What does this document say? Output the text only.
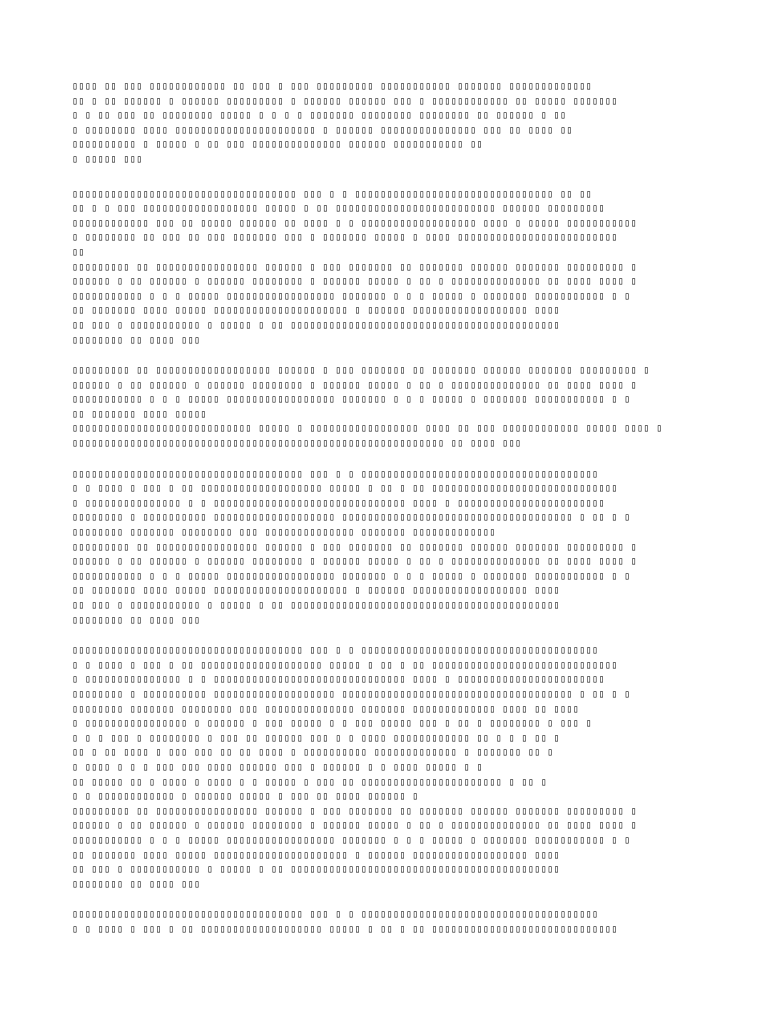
▯▯▯▯ ▯▯ ▯▯▯ ▯▯▯▯▯▯▯▯▯▯▯▯ ▯▯ ▯▯▯ ▯ ▯▯▯ ▯▯▯▯▯▯▯▯▯ ▯▯▯▯▯▯▯▯▯▯▯ ▯▯▯▯▯▯▯ ▯▯▯▯▯▯▯▯▯▯▯▯▯
▯▯ ▯ ▯▯ ▯▯▯▯▯▯ ▯ ▯▯▯▯▯▯ ▯▯▯▯▯▯▯▯▯ ▯ ▯▯▯▯▯▯ ▯▯▯▯▯▯ ▯▯▯ ▯ ▯▯▯▯▯▯▯▯▯▯▯▯ ▯▯ ▯▯▯▯▯ ▯▯▯▯▯▯▯
▯ ▯ ▯▯ ▯▯▯ ▯▯ ▯▯▯▯▯▯▯▯ ▯▯▯▯▯ ▯ ▯ ▯ ▯ ▯▯▯▯▯▯▯ ▯▯▯▯▯▯▯▯ ▯▯▯▯▯▯▯▯ ▯▯ ▯▯▯▯▯▯ ▯ ▯▯
▯ ▯▯▯▯▯▯▯▯ ▯▯▯▯ ▯▯▯▯▯▯▯▯▯▯▯▯▯▯▯▯▯▯▯▯▯▯ ▯ ▯▯▯▯▯▯ ▯▯▯▯▯▯▯▯▯▯▯▯▯▯▯ ▯▯▯ ▯▯ ▯▯▯▯ ▯▯
▯▯▯▯▯▯▯▯▯▯ ▯ ▯▯▯▯▯ ▯ ▯▯ ▯▯▯ ▯▯▯▯▯▯▯▯▯▯▯▯▯▯ ▯▯▯▯▯▯ ▯▯▯▯▯▯▯▯▯▯▯ ▯▯
▯ ▯▯▯▯▯ ▯▯▯
▯▯▯▯▯▯▯▯▯▯▯▯▯▯▯▯▯▯▯▯▯▯▯▯▯▯▯▯▯▯▯▯▯▯▯ ▯▯▯ ▯ ▯ ▯▯▯▯▯▯▯▯▯▯▯▯▯▯▯▯▯▯▯▯▯▯▯▯▯▯▯▯▯▯▯ ▯▯ ▯▯
▯▯ ▯ ▯ ▯▯▯ ▯▯▯▯▯▯▯▯▯▯▯▯▯▯▯▯▯▯ ▯▯▯▯▯ ▯ ▯▯ ▯▯▯▯▯▯▯▯▯▯▯▯▯▯▯▯▯▯▯▯▯▯▯▯▯ ▯▯▯▯▯▯ ▯▯▯▯▯▯▯▯▯
▯▯▯▯▯▯▯▯▯▯▯▯ ▯▯▯ ▯▯ ▯▯▯▯▯ ▯▯▯▯▯▯ ▯▯ ▯▯▯▯ ▯ ▯ ▯▯▯▯▯▯▯▯▯▯▯▯▯▯▯▯▯▯ ▯▯▯▯ ▯ ▯▯▯▯▯ ▯▯▯▯▯▯▯▯▯▯▯
▯ ▯▯▯▯▯▯▯▯ ▯▯ ▯▯▯ ▯▯ ▯▯▯ ▯▯▯▯▯▯▯ ▯▯▯ ▯ ▯▯▯▯▯▯▯ ▯▯▯▯▯ ▯ ▯▯▯▯ ▯▯▯▯▯▯▯▯▯▯▯▯▯▯▯▯▯▯▯▯▯▯▯▯▯
▯▯
▯▯▯▯▯▯▯▯▯ ▯▯ ▯▯▯▯▯▯▯▯▯▯▯▯▯▯▯▯ ▯▯▯▯▯▯ ▯ ▯▯▯ ▯▯▯▯▯▯▯ ▯▯ ▯▯▯▯▯▯▯ ▯▯▯▯▯▯ ▯▯▯▯▯▯▯ ▯▯▯▯▯▯▯▯▯ ▯
▯▯▯▯▯▯ ▯ ▯▯ ▯▯▯▯▯▯ ▯ ▯▯▯▯▯▯ ▯▯▯▯▯▯▯▯ ▯ ▯▯▯▯▯▯ ▯▯▯▯▯ ▯ ▯▯ ▯ ▯▯▯▯▯▯▯▯▯▯▯▯▯▯ ▯▯ ▯▯▯▯ ▯▯▯▯ ▯
▯▯▯▯▯▯▯▯▯▯▯ ▯ ▯ ▯ ▯▯▯▯▯ ▯▯▯▯▯▯▯▯▯▯▯▯▯▯▯▯▯ ▯▯▯▯▯▯▯ ▯ ▯ ▯ ▯▯▯▯▯ ▯ ▯▯▯▯▯▯▯ ▯▯▯▯▯▯▯▯▯▯▯ ▯ ▯
▯▯ ▯▯▯▯▯▯▯ ▯▯▯▯ ▯▯▯▯▯ ▯▯▯▯▯▯▯▯▯▯▯▯▯▯▯▯▯▯▯▯▯ ▯ ▯▯▯▯▯▯ ▯▯▯▯▯▯▯▯▯▯▯▯▯▯▯▯▯▯ ▯▯▯▯
▯▯ ▯▯▯ ▯ ▯▯▯▯▯▯▯▯▯▯▯ ▯ ▯▯▯▯▯ ▯ ▯▯ ▯▯▯▯▯▯▯▯▯▯▯▯▯▯▯▯▯▯▯▯▯▯▯▯▯▯▯▯▯▯▯▯▯▯▯▯▯▯▯▯▯▯
▯▯▯▯▯▯▯▯ ▯▯ ▯▯▯▯ ▯▯▯
▯▯▯▯▯▯▯▯▯ ▯▯ ▯▯▯▯▯▯▯▯▯▯▯▯▯▯▯▯▯▯ ▯▯▯▯▯▯ ▯ ▯▯▯ ▯▯▯▯▯▯▯ ▯▯ ▯▯▯▯▯▯▯ ▯▯▯▯▯▯ ▯▯▯▯▯▯▯ ▯▯▯▯▯▯▯▯▯ ▯
▯▯▯▯▯▯ ▯ ▯▯ ▯▯▯▯▯▯ ▯ ▯▯▯▯▯▯ ▯▯▯▯▯▯▯▯ ▯ ▯▯▯▯▯▯ ▯▯▯▯▯ ▯ ▯▯ ▯ ▯▯▯▯▯▯▯▯▯▯▯▯▯▯ ▯▯ ▯▯▯▯ ▯▯▯▯ ▯
▯▯▯▯▯▯▯▯▯▯▯ ▯ ▯ ▯ ▯▯▯▯▯ ▯▯▯▯▯▯▯▯▯▯▯▯▯▯▯▯▯ ▯▯▯▯▯▯▯ ▯ ▯ ▯ ▯▯▯▯▯ ▯ ▯▯▯▯▯▯▯ ▯▯▯▯▯▯▯▯▯▯▯ ▯ ▯
▯▯ ▯▯▯▯▯▯▯ ▯▯▯▯ ▯▯▯▯▯
▯▯▯▯▯▯▯▯▯▯▯▯▯▯▯▯▯▯▯▯▯▯▯▯▯▯▯▯ ▯▯▯▯▯ ▯ ▯▯▯▯▯▯▯▯▯▯▯▯▯▯▯▯▯ ▯▯▯▯ ▯▯ ▯▯▯ ▯▯▯▯▯▯▯▯▯▯▯▯ ▯▯▯▯▯ ▯▯▯▯ ▯
▯▯▯▯▯▯▯▯▯▯▯▯▯▯▯▯▯▯▯▯▯▯▯▯▯▯▯▯▯▯▯▯▯▯▯▯▯▯▯▯▯▯▯▯▯▯▯▯▯▯▯▯▯▯▯▯▯▯ ▯▯ ▯▯▯▯ ▯▯▯
▯▯▯▯▯▯▯▯▯▯▯▯▯▯▯▯▯▯▯▯▯▯▯▯▯▯▯▯▯▯▯▯▯▯▯▯ ▯▯▯ ▯ ▯ ▯▯▯▯▯▯▯▯▯▯▯▯▯▯▯▯▯▯▯▯▯▯▯▯▯▯▯▯▯▯▯▯▯▯▯▯▯
▯ ▯ ▯▯▯▯ ▯ ▯▯▯ ▯ ▯▯ ▯▯▯▯▯▯▯▯▯▯▯▯▯▯▯▯▯▯▯ ▯▯▯▯▯ ▯ ▯▯ ▯ ▯▯ ▯▯▯▯▯▯▯▯▯▯▯▯▯▯▯▯▯▯▯▯▯▯▯▯▯▯▯▯▯
▯ ▯▯▯▯▯▯▯▯▯▯▯▯▯▯▯ ▯ ▯ ▯▯▯▯▯▯▯▯▯▯▯▯▯▯▯▯▯▯▯▯▯▯▯▯▯▯▯▯▯▯ ▯▯▯▯ ▯ ▯▯▯▯▯▯▯▯▯▯▯▯▯▯▯▯▯▯▯▯▯▯▯
▯▯▯▯▯▯▯▯ ▯ ▯▯▯▯▯▯▯▯▯▯ ▯▯▯▯▯▯▯▯▯▯▯▯▯▯▯▯▯▯▯ ▯▯▯▯▯▯▯▯▯▯▯▯▯▯▯▯▯▯▯▯▯▯▯▯▯▯▯▯▯▯▯▯▯▯▯▯ ▯ ▯▯ ▯ ▯
▯▯▯▯▯▯▯▯ ▯▯▯▯▯▯▯ ▯▯▯▯▯▯▯▯ ▯▯▯ ▯▯▯▯▯▯▯▯▯▯▯▯▯▯ ▯▯▯▯▯▯▯ ▯▯▯▯▯▯▯▯▯▯▯▯▯
▯▯▯▯▯▯▯▯▯ ▯▯ ▯▯▯▯▯▯▯▯▯▯▯▯▯▯▯▯ ▯▯▯▯▯▯ ▯ ▯▯▯ ▯▯▯▯▯▯▯ ▯▯ ▯▯▯▯▯▯▯ ▯▯▯▯▯▯ ▯▯▯▯▯▯▯ ▯▯▯▯▯▯▯▯▯ ▯
▯▯▯▯▯▯ ▯ ▯▯ ▯▯▯▯▯▯ ▯ ▯▯▯▯▯▯ ▯▯▯▯▯▯▯▯ ▯ ▯▯▯▯▯▯ ▯▯▯▯▯ ▯ ▯▯ ▯ ▯▯▯▯▯▯▯▯▯▯▯▯▯▯ ▯▯ ▯▯▯▯ ▯▯▯▯ ▯
▯▯▯▯▯▯▯▯▯▯▯ ▯ ▯ ▯ ▯▯▯▯▯ ▯▯▯▯▯▯▯▯▯▯▯▯▯▯▯▯▯ ▯▯▯▯▯▯▯ ▯ ▯ ▯ ▯▯▯▯▯ ▯ ▯▯▯▯▯▯▯ ▯▯▯▯▯▯▯▯▯▯▯ ▯ ▯
▯▯ ▯▯▯▯▯▯▯ ▯▯▯▯ ▯▯▯▯▯ ▯▯▯▯▯▯▯▯▯▯▯▯▯▯▯▯▯▯▯▯▯ ▯ ▯▯▯▯▯▯ ▯▯▯▯▯▯▯▯▯▯▯▯▯▯▯▯▯▯ ▯▯▯▯
▯▯ ▯▯▯ ▯ ▯▯▯▯▯▯▯▯▯▯▯ ▯ ▯▯▯▯▯ ▯ ▯▯ ▯▯▯▯▯▯▯▯▯▯▯▯▯▯▯▯▯▯▯▯▯▯▯▯▯▯▯▯▯▯▯▯▯▯▯▯▯▯▯▯▯▯
▯▯▯▯▯▯▯▯ ▯▯ ▯▯▯▯ ▯▯▯
▯▯▯▯▯▯▯▯▯▯▯▯▯▯▯▯▯▯▯▯▯▯▯▯▯▯▯▯▯▯▯▯▯▯▯▯ ▯▯▯ ▯ ▯ ▯▯▯▯▯▯▯▯▯▯▯▯▯▯▯▯▯▯▯▯▯▯▯▯▯▯▯▯▯▯▯▯▯▯▯▯▯
▯ ▯ ▯▯▯▯ ▯ ▯▯▯ ▯ ▯▯ ▯▯▯▯▯▯▯▯▯▯▯▯▯▯▯▯▯▯▯ ▯▯▯▯▯ ▯ ▯▯ ▯ ▯▯ ▯▯▯▯▯▯▯▯▯▯▯▯▯▯▯▯▯▯▯▯▯▯▯▯▯▯▯▯▯
▯ ▯▯▯▯▯▯▯▯▯▯▯▯▯▯▯ ▯ ▯ ▯▯▯▯▯▯▯▯▯▯▯▯▯▯▯▯▯▯▯▯▯▯▯▯▯▯▯▯▯▯ ▯▯▯▯ ▯ ▯▯▯▯▯▯▯▯▯▯▯▯▯▯▯▯▯▯▯▯▯▯▯
▯▯▯▯▯▯▯▯ ▯ ▯▯▯▯▯▯▯▯▯▯ ▯▯▯▯▯▯▯▯▯▯▯▯▯▯▯▯▯▯▯ ▯▯▯▯▯▯▯▯▯▯▯▯▯▯▯▯▯▯▯▯▯▯▯▯▯▯▯▯▯▯▯▯▯▯▯▯ ▯ ▯▯ ▯ ▯
▯▯▯▯▯▯▯▯ ▯▯▯▯▯▯▯ ▯▯▯▯▯▯▯▯ ▯▯▯ ▯▯▯▯▯▯▯▯▯▯▯▯▯▯ ▯▯▯▯▯▯▯ ▯▯▯▯▯▯▯▯▯▯▯▯▯ ▯▯▯▯ ▯▯ ▯▯▯▯
▯ ▯▯▯▯▯▯▯▯▯▯▯▯▯▯▯▯ ▯ ▯▯▯▯▯▯ ▯ ▯▯▯ ▯▯▯▯▯ ▯ ▯ ▯▯▯ ▯▯▯▯▯ ▯▯▯ ▯ ▯▯ ▯ ▯▯▯▯▯▯▯▯ ▯ ▯▯▯ ▯
▯ ▯ ▯ ▯▯▯ ▯ ▯▯▯▯▯▯▯▯ ▯ ▯▯▯ ▯▯ ▯▯▯▯▯▯ ▯▯▯ ▯ ▯ ▯▯▯▯ ▯▯▯▯▯▯▯▯▯▯▯▯ ▯▯ ▯ ▯ ▯ ▯▯ ▯
▯▯ ▯ ▯▯ ▯▯▯▯ ▯ ▯▯▯ ▯▯▯ ▯▯ ▯▯ ▯▯▯▯ ▯ ▯▯▯▯▯▯▯▯▯▯ ▯▯▯▯▯▯▯▯▯▯▯▯▯ ▯ ▯▯▯▯▯▯▯ ▯▯ ▯
▯ ▯▯▯▯ ▯ ▯ ▯ ▯▯▯ ▯▯▯ ▯▯▯▯ ▯▯▯▯▯▯ ▯▯▯ ▯ ▯▯▯▯▯▯ ▯ ▯ ▯▯▯▯ ▯▯▯▯▯ ▯ ▯
▯▯ ▯▯▯▯▯ ▯▯ ▯ ▯▯▯▯ ▯ ▯▯▯▯ ▯ ▯ ▯▯▯▯▯ ▯ ▯▯▯ ▯▯ ▯▯▯▯▯▯▯▯▯▯▯▯▯▯▯▯▯▯▯▯▯▯ ▯ ▯▯ ▯
▯ ▯ ▯▯▯▯▯▯▯▯▯▯▯▯ ▯ ▯▯▯▯▯▯ ▯▯▯▯▯ ▯ ▯▯▯ ▯▯ ▯▯▯▯ ▯▯▯▯▯▯ ▯
▯▯▯▯▯▯▯▯▯ ▯▯ ▯▯▯▯▯▯▯▯▯▯▯▯▯▯▯▯ ▯▯▯▯▯▯ ▯ ▯▯▯ ▯▯▯▯▯▯▯ ▯▯ ▯▯▯▯▯▯▯ ▯▯▯▯▯▯ ▯▯▯▯▯▯▯ ▯▯▯▯▯▯▯▯▯ ▯
▯▯▯▯▯▯ ▯ ▯▯ ▯▯▯▯▯▯ ▯ ▯▯▯▯▯▯ ▯▯▯▯▯▯▯▯ ▯ ▯▯▯▯▯▯ ▯▯▯▯▯ ▯ ▯▯ ▯ ▯▯▯▯▯▯▯▯▯▯▯▯▯▯ ▯▯ ▯▯▯▯ ▯▯▯▯ ▯
▯▯▯▯▯▯▯▯▯▯▯ ▯ ▯ ▯ ▯▯▯▯▯ ▯▯▯▯▯▯▯▯▯▯▯▯▯▯▯▯▯ ▯▯▯▯▯▯▯ ▯ ▯ ▯ ▯▯▯▯▯ ▯ ▯▯▯▯▯▯▯ ▯▯▯▯▯▯▯▯▯▯▯ ▯ ▯
▯▯ ▯▯▯▯▯▯▯ ▯▯▯▯ ▯▯▯▯▯ ▯▯▯▯▯▯▯▯▯▯▯▯▯▯▯▯▯▯▯▯▯ ▯ ▯▯▯▯▯▯ ▯▯▯▯▯▯▯▯▯▯▯▯▯▯▯▯▯▯ ▯▯▯▯
▯▯ ▯▯▯ ▯ ▯▯▯▯▯▯▯▯▯▯▯ ▯ ▯▯▯▯▯ ▯ ▯▯ ▯▯▯▯▯▯▯▯▯▯▯▯▯▯▯▯▯▯▯▯▯▯▯▯▯▯▯▯▯▯▯▯▯▯▯▯▯▯▯▯▯▯
▯▯▯▯▯▯▯▯ ▯▯ ▯▯▯▯ ▯▯▯
▯▯▯▯▯▯▯▯▯▯▯▯▯▯▯▯▯▯▯▯▯▯▯▯▯▯▯▯▯▯▯▯▯▯▯▯ ▯▯▯ ▯ ▯ ▯▯▯▯▯▯▯▯▯▯▯▯▯▯▯▯▯▯▯▯▯▯▯▯▯▯▯▯▯▯▯▯▯▯▯▯▯
▯ ▯ ▯▯▯▯ ▯ ▯▯▯ ▯ ▯▯ ▯▯▯▯▯▯▯▯▯▯▯▯▯▯▯▯▯▯▯ ▯▯▯▯▯ ▯ ▯▯ ▯ ▯▯ ▯▯▯▯▯▯▯▯▯▯▯▯▯▯▯▯▯▯▯▯▯▯▯▯▯▯▯▯▯
